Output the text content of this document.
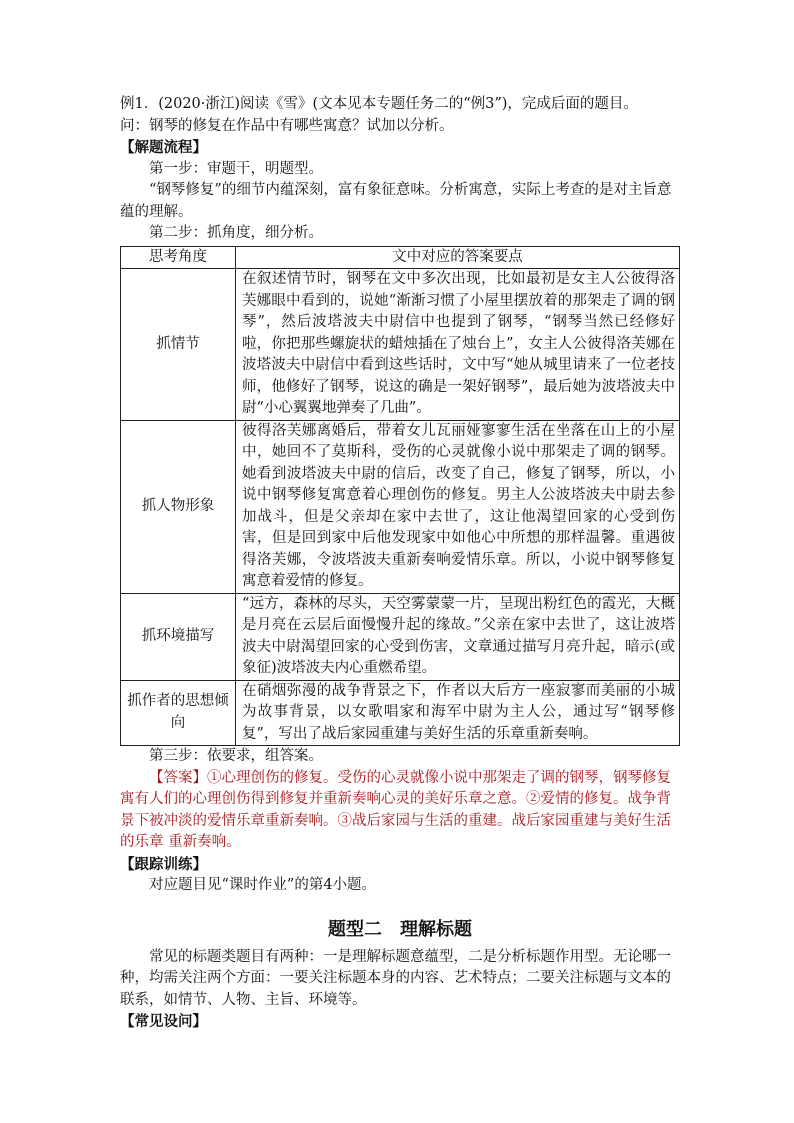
例1．(2020·浙江)阅读《雪》(文本见本专题任务二的“例3”)，完成后面的题目。

问：钢琴的修复在作品中有哪些寓意？试加以分析。

【解题流程】

第一步：审题干，明题型。

“钢琴修复”的细节内蕴深刻，富有象征意味。分析寓意，实际上考查的是对主旨意蕴的理解。

第二步：抓角度，细分析。

思考角度	文中对应的答案要点
抓情节	在叙述情节时，钢琴在文中多次出现，比如最初是女主人公彼得洛芙娜眼中看到的，说她“渐渐习惯了小屋里摆放着的那架走了调的钢琴”，然后波塔波夫中尉信中也提到了钢琴，“钢琴当然已经修好啦，你把那些螺旋状的蜡烛插在了烛台上”，女主人公彼得洛芙娜在波塔波夫中尉信中看到这些话时，文中写“她从城里请来了一位老技师，他修好了钢琴，说这的确是一架好钢琴”，最后她为波塔波夫中尉“小心翼翼地弹奏了几曲”。
抓人物形象	彼得洛芙娜离婚后，带着女儿瓦丽娅寥寥生活在坐落在山上的小屋中，她回不了莫斯科，受伤的心灵就像小说中那架走了调的钢琴。她看到波塔波夫中尉的信后，改变了自己，修复了钢琴，所以，小说中钢琴修复寓意着心理创伤的修复。男主人公波塔波夫中尉去参加战斗，但是父亲却在家中去世了，这让他渴望回家的心受到伤害，但是回到家中后他发现家中如他心中所想的那样温馨。重遇彼得洛芙娜，令波塔波夫重新奏响爱情乐章。所以，小说中钢琴修复寓意着爱情的修复。
抓环境描写	“远方，森林的尽头，天空雾蒙蒙一片，呈现出粉红色的霞光，大概是月亮在云层后面慢慢升起的缘故。”父亲在家中去世了，这让波塔波夫中尉渴望回家的心受到伤害，文章通过描写月亮升起，暗示(或象征)波塔波夫内心重燃希望。
抓作者的思想倾向	在硝烟弥漫的战争背景之下，作者以大后方一座寂寥而美丽的小城为故事背景，以女歌唱家和海军中尉为主人公，通过写“钢琴修复”，写出了战后家园重建与美好生活的乐章重新奏响。

第三步：依要求，组答案。

【答案】①心理创伤的修复。受伤的心灵就像小说中那架走了调的钢琴，钢琴修复寓有人们的心理创伤得到修复并重新奏响心灵的美好乐章之意。②爱情的修复。战争背景下被冲淡的爱情乐章重新奏响。③战后家园与生活的重建。战后家园重建与美好生活的乐章 重新奏响。

【跟踪训练】

对应题目见“课时作业”的第4小题。

题型二　理解标题

常见的标题类题目有两种：一是理解标题意蕴型，二是分析标题作用型。无论哪一种，均需关注两个方面：一要关注标题本身的内容、艺术特点；二要关注标题与文本的联系，如情节、人物、主旨、环境等。

【常见设问】
